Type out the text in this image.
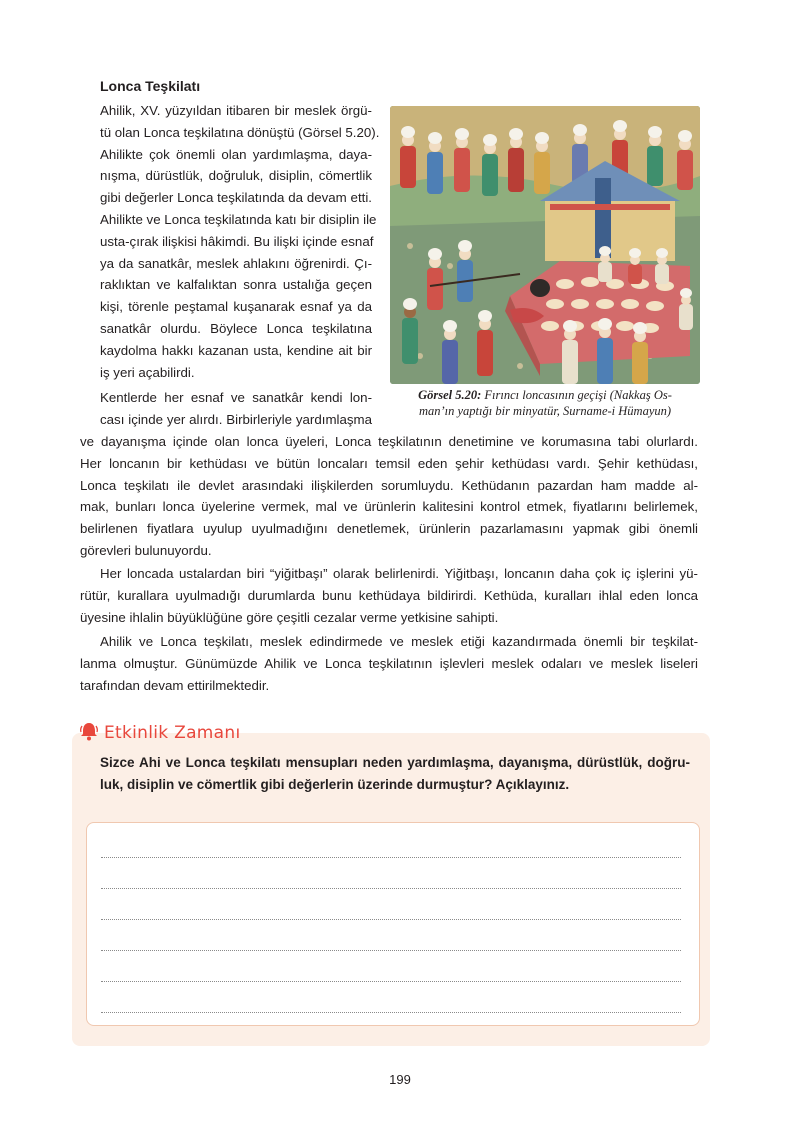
Lonca Teşkilatı
Ahilik, XV. yüzyıldan itibaren bir meslek örgü-
tü olan Lonca teşkilatına dönüştü (Görsel 5.20).
Ahilikte çok önemli olan yardımlaşma, daya-
nışma, dürüstlük, doğruluk, disiplin, cömertlik
gibi değerler Lonca teşkilatında da devam etti.
Ahilikte ve Lonca teşkilatında katı bir disiplin ile
usta-çırak ilişkisi hâkimdi. Bu ilişki içinde esnaf
ya da sanatkâr, meslek ahlakını öğrenirdi. Çı-
raklıktan ve kalfalıktan sonra ustalığa geçen
kişi, törenle peştamal kuşanarak esnaf ya da
sanatkâr olurdu. Böylece Lonca teşkilatına
kaydolma hakkı kazanan usta, kendine ait bir
iş yeri açabilirdi.
Kentlerde her esnaf ve sanatkâr kendi lon-
cası içinde yer alırdı. Birbirleriyle yardımlaşma
ve dayanışma içinde olan lonca üyeleri, Lonca teşkilatının denetimine ve korumasına tabi olurlardı.
Her loncanın bir kethüdası ve bütün loncaları temsil eden şehir kethüdası vardı. Şehir kethüdası,
Lonca teşkilatı ile devlet arasındaki ilişkilerden sorumluydu. Kethüdanın pazardan ham madde al-
mak, bunları lonca üyelerine vermek, mal ve ürünlerin kalitesini kontrol etmek, fiyatlarını belirlemek,
belirlenen fiyatlara uyulup uyulmadığını denetlemek, ürünlerin pazarlamasını yapmak gibi önemli
görevleri bulunuyordu.
Her loncada ustalardan biri “yiğitbaşı” olarak belirlenirdi. Yiğitbaşı, loncanın daha çok iç işlerini yü-
rütür, kurallara uyulmadığı durumlarda bunu kethüdaya bildirirdi. Kethüda, kuralları ihlal eden lonca
üyesine ihlalin büyüklüğüne göre çeşitli cezalar verme yetkisine sahipti.
Ahilik ve Lonca teşkilatı, meslek edindirmede ve meslek etiği kazandırmada önemli bir teşkilat-
lanma olmuştur. Günümüzde Ahilik ve Lonca teşkilatının işlevleri meslek odaları ve meslek liseleri
tarafından devam ettirilmektedir.

Görsel 5.20: Fırıncı loncasının geçişi (Nakkaş Os-
man’ın yaptığı bir minyatür, Surname-i Hümayun)

Etkinlik Zamanı
Sizce Ahi ve Lonca teşkilatı mensupları neden yardımlaşma, dayanışma, dürüstlük, doğru-
luk, disiplin ve cömertlik gibi değerlerin üzerinde durmuştur? Açıklayınız.

199
